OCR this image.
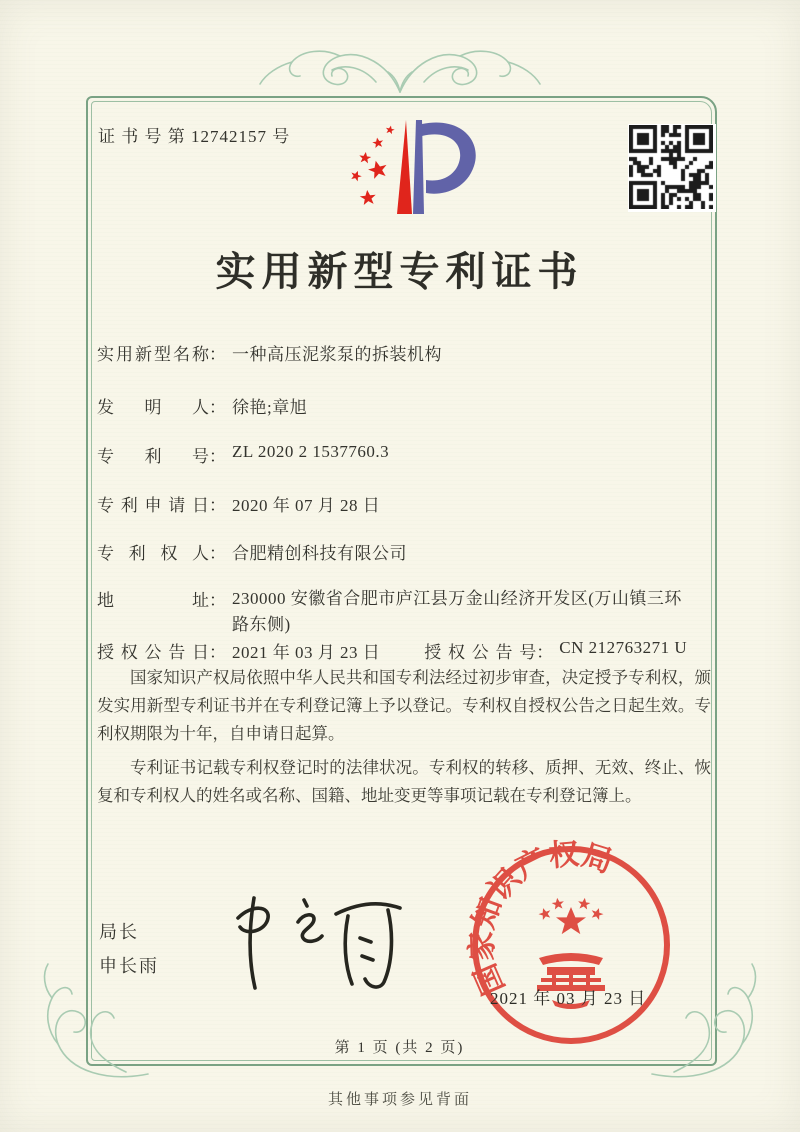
证 书 号 第 12742157 号
实用新型专利证书
实用新型名称 ： 一种高压泥浆泵的拆装机构
发明人 ： 徐艳;章旭
专利号 ： ZL 2020 2 1537760.3
专利申请日 ： 2020 年 07 月 28 日
专利权人 ： 合肥精创科技有限公司
地址 ： 230000 安徽省合肥市庐江县万金山经济开发区(万山镇三环路东侧)
授权公告日 ： 2021 年 03 月 23 日	授权公告号 ： CN 212763271 U

国家知识产权局依照中华人民共和国专利法经过初步审查，决定授予专利权，颁发实用新型专利证书并在专利登记簿上予以登记。专利权自授权公告之日起生效。专利权期限为十年，自申请日起算。

专利证书记载专利权登记时的法律状况。专利权的转移、质押、无效、终止、恢复和专利权人的姓名或名称、国籍、地址变更等事项记载在专利登记簿上。

局长
申长雨	国家知识产权局
2021 年 03 月 23 日
第 1 页 (共 2 页)
其他事项参见背面
